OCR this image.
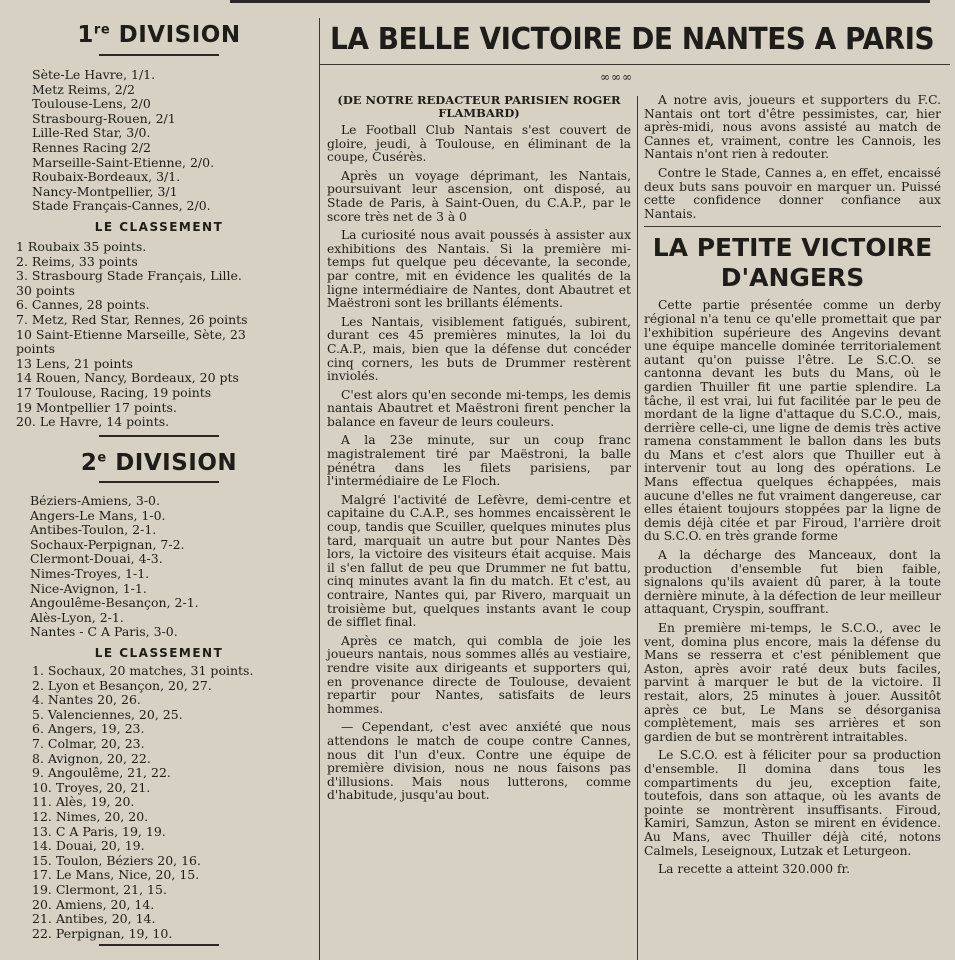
1re DIVISION
Sète-Le Havre, 1/1.
Metz Reims, 2/2
Toulouse-Lens, 2/0
Strasbourg-Rouen, 2/1
Lille-Red Star, 3/0.
Rennes Racing 2/2
Marseille-Saint-Etienne, 2/0.
Roubaix-Bordeaux, 3/1.
Nancy-Montpellier, 3/1
Stade Français-Cannes, 2/0.
LE CLASSEMENT
1 Roubaix 35 points.
2. Reims, 33 points
3. Strasbourg Stade Français, Lille.
30 points
6. Cannes, 28 points.
7. Metz, Red Star, Rennes, 26 points
10 Saint-Etienne Marseille, Sète, 23
points
13 Lens, 21 points
14 Rouen, Nancy, Bordeaux, 20 pts
17 Toulouse, Racing, 19 points
19 Montpellier 17 points.
20. Le Havre, 14 points.
2e DIVISION
Béziers-Amiens, 3-0.
Angers-Le Mans, 1-0.
Antibes-Toulon, 2-1.
Sochaux-Perpignan, 7-2.
Clermont-Douai, 4-3.
Nimes-Troyes, 1-1.
Nice-Avignon, 1-1.
Angoulême-Besançon, 2-1.
Alès-Lyon, 2-1.
Nantes - C A Paris, 3-0.
LE CLASSEMENT
1. Sochaux, 20 matches, 31 points.
2. Lyon et Besançon, 20, 27.
4. Nantes 20, 26.
5. Valenciennes, 20, 25.
6. Angers, 19, 23.
7. Colmar, 20, 23.
8. Avignon, 20, 22.
9. Angoulême, 21, 22.
10. Troyes, 20, 21.
11. Alès, 19, 20.
12. Nimes, 20, 20.
13. C A Paris, 19, 19.
14. Douai, 20, 19.
15. Toulon, Béziers 20, 16.
17. Le Mans, Nice, 20, 15.
19. Clermont, 21, 15.
20. Amiens, 20, 14.
21. Antibes, 20, 14.
22. Perpignan, 19, 10.
LA BELLE VICTOIRE DE NANTES A PARIS
∞∞∞
(DE NOTRE REDACTEUR PARISIEN ROGER FLAMBARD)

Le Football Club Nantais s'est couvert de gloire, jeudi, à Toulouse, en éliminant de la coupe, Cusérès.

Après un voyage déprimant, les Nantais, poursuivant leur ascension, ont disposé, au Stade de Paris, à Saint-Ouen, du C.A.P., par le score très net de 3 à 0

La curiosité nous avait poussés à assister aux exhibitions des Nantais. Si la première mi-temps fut quelque peu décevante, la seconde, par contre, mit en évidence les qualités de la ligne intermédiaire de Nantes, dont Abautret et Maëstroni sont les brillants éléments.

Les Nantais, visiblement fatigués, subirent, durant ces 45 premières minutes, la loi du C.A.P., mais, bien que la défense dut concéder cinq corners, les buts de Drummer restèrent inviolés.

C'est alors qu'en seconde mi-temps, les demis nantais Abautret et Maëstroni firent pencher la balance en faveur de leurs couleurs.

A la 23e minute, sur un coup franc magistralement tiré par Maëstroni, la balle pénétra dans les filets parisiens, par l'intermédiaire de Le Floch.

Malgré l'activité de Lefèvre, demi-centre et capitaine du C.A.P., ses hommes encaissèrent le coup, tandis que Scuiller, quelques minutes plus tard, marquait un autre but pour Nantes Dès lors, la victoire des visiteurs était acquise. Mais il s'en fallut de peu que Drummer ne fut battu, cinq minutes avant la fin du match. Et c'est, au contraire, Nantes qui, par Rivero, marquait un troisième but, quelques instants avant le coup de sifflet final.

Après ce match, qui combla de joie les joueurs nantais, nous sommes allés au vestiaire, rendre visite aux dirigeants et supporters qui, en provenance directe de Toulouse, devaient repartir pour Nantes, satisfaits de leurs hommes.

— Cependant, c'est avec anxiété que nous attendons le match de coupe contre Cannes, nous dit l'un d'eux. Contre une équipe de première division, nous ne nous faisons pas d'illusions. Mais nous lutterons, comme d'habitude, jusqu'au bout.

A notre avis, joueurs et supporters du F.C. Nantais ont tort d'être pessimistes, car, hier après-midi, nous avons assisté au match de Cannes et, vraiment, contre les Cannois, les Nantais n'ont rien à redouter.

Contre le Stade, Cannes a, en effet, encaissé deux buts sans pouvoir en marquer un. Puissé cette confidence donner confiance aux Nantais.

LA PETITE VICTOIRE
D'ANGERS

Cette partie présentée comme un derby régional n'a tenu ce qu'elle promettait que par l'exhibition supérieure des Angevins devant une équipe mancelle dominée territorialement autant qu'on puisse l'être. Le S.C.O. se cantonna devant les buts du Mans, où le gardien Thuiller fit une partie splendire. La tâche, il est vrai, lui fut facilitée par le peu de mordant de la ligne d'attaque du S.C.O., mais, derrière celle-ci, une ligne de demis très active ramena constamment le ballon dans les buts du Mans et c'est alors que Thuiller eut à intervenir tout au long des opérations. Le Mans effectua quelques échappées, mais aucune d'elles ne fut vraiment dangereuse, car elles étaient toujours stoppées par la ligne de demis déjà citée et par Firoud, l'arrière droit du S.C.O. en très grande forme

A la décharge des Manceaux, dont la production d'ensemble fut bien faible, signalons qu'ils avaient dû parer, à la toute dernière minute, à la défection de leur meilleur attaquant, Cryspin, souffrant.

En première mi-temps, le S.C.O., avec le vent, domina plus encore, mais la défense du Mans se resserra et c'est péniblement que Aston, après avoir raté deux buts faciles, parvint à marquer le but de la victoire. Il restait, alors, 25 minutes à jouer. Aussitôt après ce but, Le Mans se désorganisa complètement, mais ses arrières et son gardien de but se montrèrent intraitables.

Le S.C.O. est à féliciter pour sa production d'ensemble. Il domina dans tous les compartiments du jeu, exception faite, toutefois, dans son attaque, où les avants de pointe se montrèrent insuffisants. Firoud, Kamiri, Samzun, Aston se mirent en évidence. Au Mans, avec Thuiller déjà cité, notons Calmels, Leseignoux, Lutzak et Leturgeon.

La recette a atteint 320.000 fr.
